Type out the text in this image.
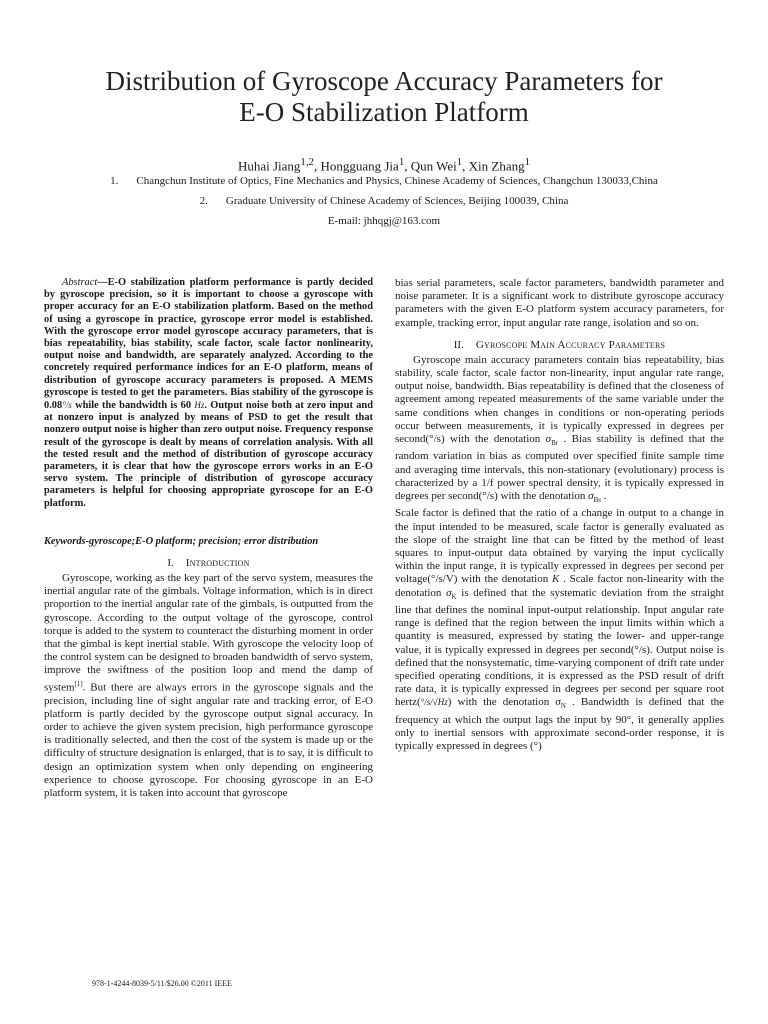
Distribution of Gyroscope Accuracy Parameters for
E-O Stabilization Platform
Huhai Jiang$^{1,2}$, Hongguang Jia$^1$, Qun Wei$^1$, Xin Zhang$^1$
1. Changchun Institute of Optics, Fine Mechanics and Physics, Chinese Academy of Sciences, Changchun 130033,China
2. Graduate University of Chinese Academy of Sciences, Beijing 100039, China
E-mail: jhhqgj@163.com

Abstract—E-O stabilization platform performance is partly decided by gyroscope precision, so it is important to choose a gyroscope with proper accuracy for an E-O stabilization platform. Based on the method of using a gyroscope in practice, gyroscope error model is established. With the gyroscope error model gyroscope accuracy parameters, that is bias repeatability, bias stability, scale factor, scale factor nonlinearity, output noise and bandwidth, are separately analyzed. According to the concretely required performance indices for an E-O platform, means of distribution of gyroscope accuracy parameters is proposed. A MEMS gyroscope is tested to get the parameters. Bias stability of the gyroscope is 0.08°/s while the bandwidth is 60 Hz. Output noise both at zero input and at nonzero input is analyzed by means of PSD to get the result that nonzero output noise is higher than zero output noise. Frequency response result of the gyroscope is dealt by means of correlation analysis. With all the tested result and the method of distribution of gyroscope accuracy parameters, it is clear that how the gyroscope errors works in an E-O servo system. The principle of distribution of gyroscope accuracy parameters is helpful for choosing appropriate gyroscope for an E-O platform.

Keywords-gyroscope;E-O platform; precision; error distribution

I. Introduction

Gyroscope, working as the key part of the servo system, measures the inertial angular rate of the gimbals. Voltage information, which is in direct proportion to the inertial angular rate of the gimbals, is outputted from the gyroscope. According to the output voltage of the gyroscope, control torque is added to the system to counteract the disturbing moment in order that the gimbal is kept inertial stable. With gyroscope the velocity loop of the control system can be designed to broaden bandwidth of servo system, improve the swiftness of the position loop and mend the damp of system[1]. But there are always errors in the gyroscope signals and the precision, including line of sight angular rate and tracking error, of E-O platform is partly decided by the gyroscope output signal accuracy. In order to achieve the given system precision, high performance gyroscope is traditionally selected, and then the cost of the system is made up or the difficulty of structure designation is enlarged, that is to say, it is difficult to design an optimization system when only depending on engineering experience to choose gyroscope. For choosing gyroscope in an E-O platform system, it is taken into account that gyroscope

bias serial parameters, scale factor parameters, bandwidth parameter and noise parameter. It is a significant work to distribute gyroscope accuracy parameters with the given E-O platform system accuracy parameters, for example, tracking error, input angular rate range, isolation and so on.

II. Gyroscope Main Accuracy Parameters

Gyroscope main accuracy parameters contain bias repeatability, bias stability, scale factor, scale factor non-linearity, input angular rate range, output noise, bandwidth. Bias repeatability is defined that the closeness of agreement among repeated measurements of the same variable under the same conditions when changes in conditions or non-operating periods occur between measurements, it is typically expressed in degrees per second(°/s) with the denotation $\sigma_{Br}$ . Bias stability is defined that the random variation in bias as computed over specified finite sample time and averaging time intervals, this non-stationary (evolutionary) process is characterized by a 1/f power spectral density, it is typically expressed in degrees per second(°/s) with the denotation $\sigma_{Bs}$ .

Scale factor is defined that the ratio of a change in output to a change in the input intended to be measured, scale factor is generally evaluated as the slope of the straight line that can be fitted by the method of least squares to input-output data obtained by varying the input cyclically within the input range, it is typically expressed in degrees per second per voltage(°/s/V) with the denotation K . Scale factor non-linearity with the denotation $\sigma_K$ is defined that the systematic deviation from the straight line that defines the nominal input-output relationship. Input angular rate range is defined that the region between the input limits within which a quantity is measured, expressed by stating the lower- and upper-range value, it is typically expressed in degrees per second(°/s). Output noise is defined that the nonsystematic, time-varying component of drift rate under specified operating conditions, it is expressed as the PSD result of drift rate data, it is typically expressed in degrees per second per square root hertz(°/s/√Hz) with the denotation $\sigma_N$ . Bandwidth is defined that the frequency at which the output lags the input by 90°, it generally applies only to inertial sensors with approximate second-order response, it is typically expressed in degrees (°)

978-1-4244-8039-5/11/$26.00 ©2011 IEEE
